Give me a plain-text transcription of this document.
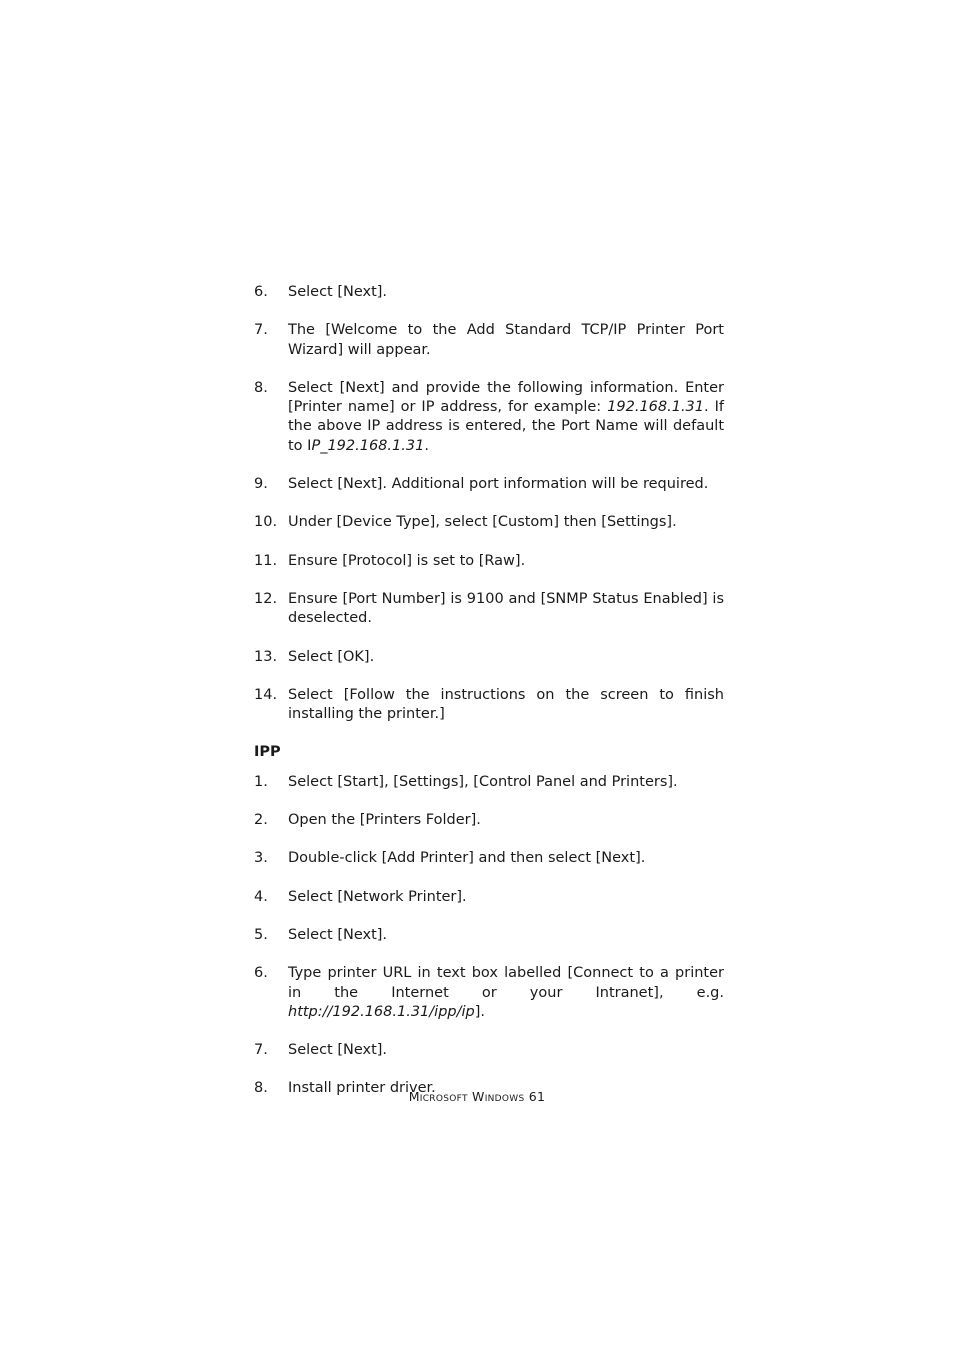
6.	Select [Next].
7.	The [Welcome to the Add Standard TCP/IP Printer Port Wizard] will appear.
8.	Select [Next] and provide the following information. Enter [Printer name] or IP address, for example: 192.168.1.31. If the above IP address is entered, the Port Name will default to IP_192.168.1.31.
9.	Select [Next]. Additional port information will be required.
10. Under [Device Type], select [Custom] then [Settings].
11. Ensure [Protocol] is set to [Raw].
12. Ensure [Port Number] is 9100 and [SNMP Status Enabled] is deselected.
13. Select [OK].
14. Select [Follow the instructions on the screen to finish installing the printer.]
IPP
1.	Select [Start], [Settings], [Control Panel and Printers].
2.	Open the [Printers Folder].
3.	Double-click [Add Printer] and then select [Next].
4.	Select [Network Printer].
5.	Select [Next].
6.	Type printer URL in text box labelled [Connect to a printer in the Internet or your Intranet], e.g. http://192.168.1.31/ipp/ip].
7.	Select [Next].
8.	Install printer driver.
Microsoft Windows 61
